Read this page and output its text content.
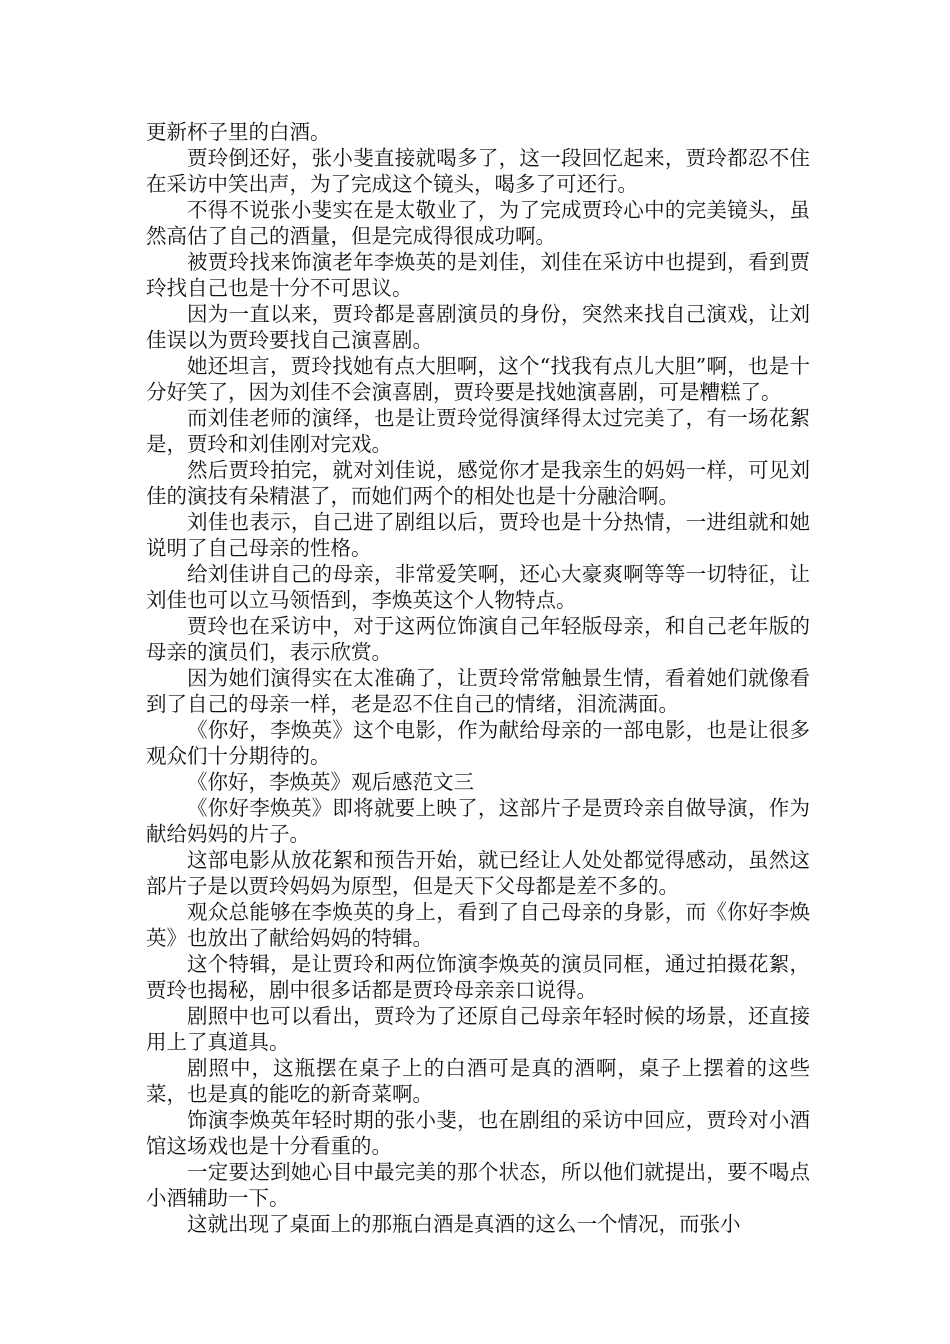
更新杯子里的白酒。

贾玲倒还好，张小斐直接就喝多了，这一段回忆起来，贾玲都忍不住在采访中笑出声，为了完成这个镜头，喝多了可还行。

不得不说张小斐实在是太敬业了，为了完成贾玲心中的完美镜头，虽然高估了自己的酒量，但是完成得很成功啊。

被贾玲找来饰演老年李焕英的是刘佳，刘佳在采访中也提到，看到贾玲找自己也是十分不可思议。

因为一直以来，贾玲都是喜剧演员的身份，突然来找自己演戏，让刘佳误以为贾玲要找自己演喜剧。

她还坦言，贾玲找她有点大胆啊，这个“找我有点儿大胆”啊，也是十分好笑了，因为刘佳不会演喜剧，贾玲要是找她演喜剧，可是糟糕了。

而刘佳老师的演绎，也是让贾玲觉得演绎得太过完美了，有一场花絮是，贾玲和刘佳刚对完戏。

然后贾玲拍完，就对刘佳说，感觉你才是我亲生的妈妈一样，可见刘佳的演技有朵精湛了，而她们两个的相处也是十分融洽啊。

刘佳也表示，自己进了剧组以后，贾玲也是十分热情，一进组就和她说明了自己母亲的性格。

给刘佳讲自己的母亲，非常爱笑啊，还心大豪爽啊等等一切特征，让刘佳也可以立马领悟到，李焕英这个人物特点。

贾玲也在采访中，对于这两位饰演自己年轻版母亲，和自己老年版的母亲的演员们，表示欣赏。

因为她们演得实在太准确了，让贾玲常常触景生情，看着她们就像看到了自己的母亲一样，老是忍不住自己的情绪，泪流满面。

《你好，李焕英》这个电影，作为献给母亲的一部电影，也是让很多观众们十分期待的。

《你好，李焕英》观后感范文三

《你好李焕英》即将就要上映了，这部片子是贾玲亲自做导演，作为献给妈妈的片子。

这部电影从放花絮和预告开始，就已经让人处处都觉得感动，虽然这部片子是以贾玲妈妈为原型，但是天下父母都是差不多的。

观众总能够在李焕英的身上，看到了自己母亲的身影，而《你好李焕英》也放出了献给妈妈的特辑。

这个特辑，是让贾玲和两位饰演李焕英的演员同框，通过拍摄花絮，贾玲也揭秘，剧中很多话都是贾玲母亲亲口说得。

剧照中也可以看出，贾玲为了还原自己母亲年轻时候的场景，还直接用上了真道具。

剧照中，这瓶摆在桌子上的白酒可是真的酒啊，桌子上摆着的这些菜，也是真的能吃的新奇菜啊。

饰演李焕英年轻时期的张小斐，也在剧组的采访中回应，贾玲对小酒馆这场戏也是十分看重的。

一定要达到她心目中最完美的那个状态，所以他们就提出，要不喝点小酒辅助一下。

这就出现了桌面上的那瓶白酒是真酒的这么一个情况，而张小
